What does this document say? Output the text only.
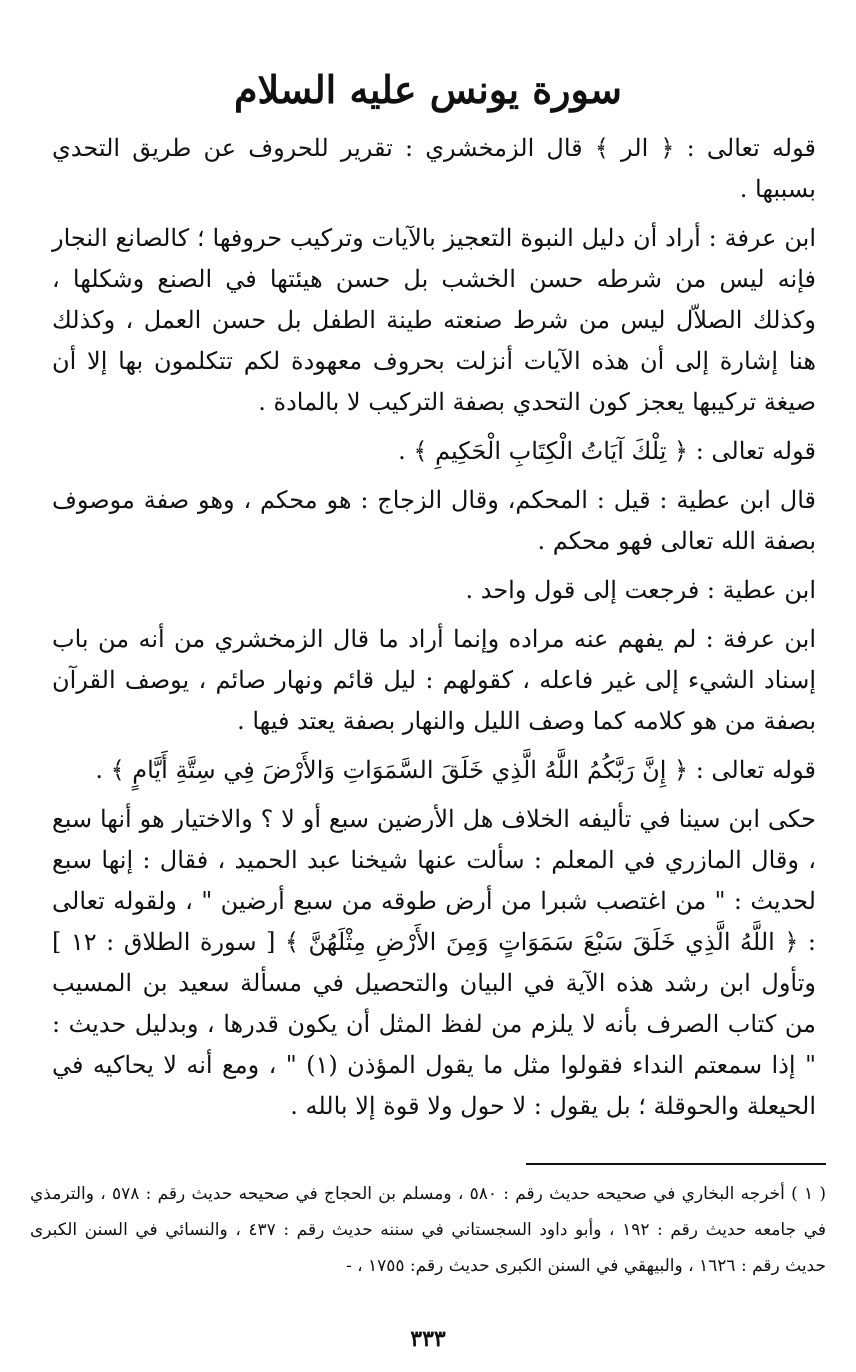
سورة يونس عليه السلام

قوله تعالى : ﴿ الر ﴾ قال الزمخشري : تقرير للحروف عن طريق التحدي بسببها .

ابن عرفة : أراد أن دليل النبوة التعجيز بالآيات وتركيب حروفها ؛ كالصانع النجار فإنه ليس من شرطه حسن الخشب بل حسن هيئتها في الصنع وشكلها ، وكذلك الصلاّل ليس من شرط صنعته طينة الطفل بل حسن العمل ، وكذلك هنا إشارة إلى أن هذه الآيات أنزلت بحروف معهودة لكم تتكلمون بها إلا أن صيغة تركيبها يعجز كون التحدي بصفة التركيب لا بالمادة .

قوله تعالى : ﴿ تِلْكَ آيَاتُ الْكِتَابِ الْحَكِيمِ ﴾ .

قال ابن عطية : قيل : المحكم، وقال الزجاج : هو محكم ، وهو صفة موصوف بصفة الله تعالى فهو محكم .

ابن عطية : فرجعت إلى قول واحد .

ابن عرفة : لم يفهم عنه مراده وإنما أراد ما قال الزمخشري من أنه من باب إسناد الشيء إلى غير فاعله ، كقولهم : ليل قائم ونهار صائم ، يوصف القرآن بصفة من هو كلامه كما وصف الليل والنهار بصفة يعتد فيها .

قوله تعالى : ﴿ إِنَّ رَبَّكُمُ اللَّهُ الَّذِي خَلَقَ السَّمَوَاتِ وَالأَرْضَ فِي سِتَّةِ أَيَّامٍ ﴾ .

حكى ابن سينا في تأليفه الخلاف هل الأرضين سبع أو لا ؟ والاختيار هو أنها سبع ، وقال المازري في المعلم : سألت عنها شيخنا عبد الحميد ، فقال : إنها سبع لحديث : " من اغتصب شبرا من أرض طوقه من سبع أرضين " ، ولقوله تعالى : ﴿ اللَّهُ الَّذِي خَلَقَ سَبْعَ سَمَوَاتٍ وَمِنَ الأَرْضِ مِثْلَهُنَّ ﴾ [ سورة الطلاق : ١٢ ] وتأول ابن رشد هذه الآية في البيان والتحصيل في مسألة سعيد بن المسيب من كتاب الصرف بأنه لا يلزم من لفظ المثل أن يكون قدرها ، وبدليل حديث : " إذا سمعتم النداء فقولوا مثل ما يقول المؤذن (١) " ، ومع أنه لا يحاكيه في الحيعلة والحوقلة ؛ بل يقول : لا حول ولا قوة إلا بالله .

( ١ ) أخرجه البخاري في صحيحه حديث رقم : ٥٨٠ ، ومسلم بن الحجاج في صحيحه حديث رقم : ٥٧٨ ، والترمذي في جامعه حديث رقم : ١٩٢ ، وأبو داود السجستاني في سننه حديث رقم : ٤٣٧ ، والنسائي في السنن الكبرى حديث رقم : ١٦٢٦ ، والبيهقي في السنن الكبرى حديث رقم: ١٧٥٥ ، -

٣٣٣
